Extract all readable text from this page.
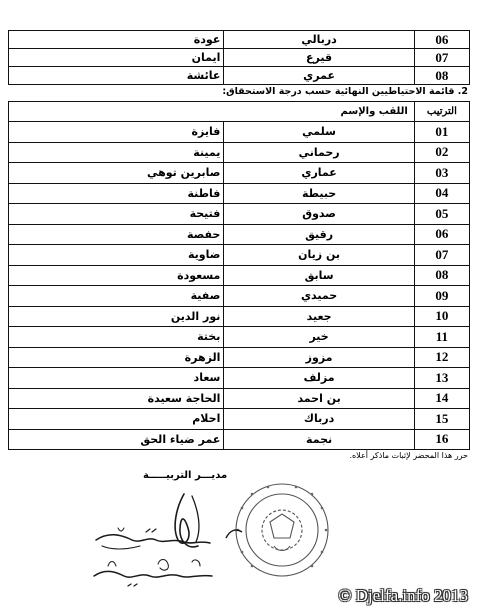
06	دربالي	عودة
07	قيرع	ايمان
08	عمري	عائشة
2. قائمة الاحتياطيين النهائية حسب درجة الاستحقاق:
الترتيب	اللقب والإسم	
01	سلمي	فايزة
02	رحماني	يمينة
03	عماري	صابرين توهي
04	حبيطة	فاطنة
05	صدوق	فتيحة
06	رقيق	حفصة
07	بن زيان	ضاوية
08	سابق	مسعودة
09	حميدي	صفية
10	جعيد	نور الدين
11	خير	بختة
12	مزوز	الزهرة
13	مزلف	سعاد
14	بن احمد	الحاجة سعيدة
15	درباك	احلام
16	نجمة	عمر ضياء الحق
حرر هذا المحضر لإثبات ماذكر أعلاه.
مديـــر التربيـــــة
© Djelfa.info 2013
